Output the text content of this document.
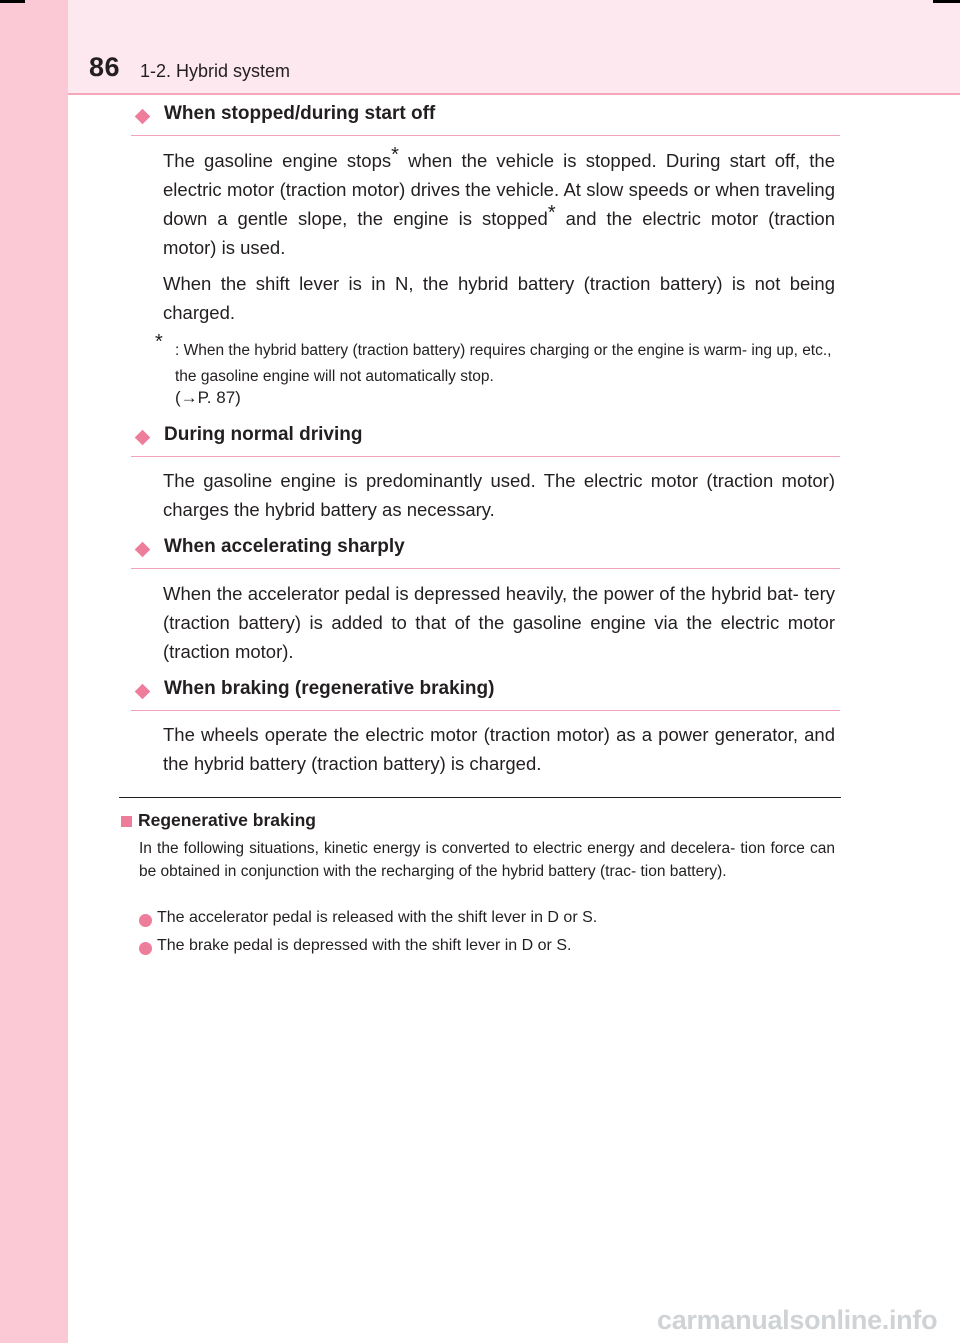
86 1-2. Hybrid system
When stopped/during start off

The gasoline engine stops* when the vehicle is stopped. During start off, the electric motor (traction motor) drives the vehicle. At slow speeds or when traveling down a gentle slope, the engine is stopped* and the electric motor (traction motor) is used.

When the shift lever is in N, the hybrid battery (traction battery) is not being charged.

* : When the hybrid battery (traction battery) requires charging or the engine is warm- ing up, etc., the gasoline engine will not automatically stop.

(→P. 87)
During normal driving

The gasoline engine is predominantly used. The electric motor (traction motor) charges the hybrid battery as necessary.

When accelerating sharply

When the accelerator pedal is depressed heavily, the power of the hybrid bat- tery (traction battery) is added to that of the gasoline engine via the electric motor (traction motor).

When braking (regenerative braking)

The wheels operate the electric motor (traction motor) as a power generator, and the hybrid battery (traction battery) is charged.

Regenerative braking

In the following situations, kinetic energy is converted to electric energy and decelera- tion force can be obtained in conjunction with the recharging of the hybrid battery (trac- tion battery).

The accelerator pedal is released with the shift lever in D or S.
The brake pedal is depressed with the shift lever in D or S.
carmanualsonline.info
